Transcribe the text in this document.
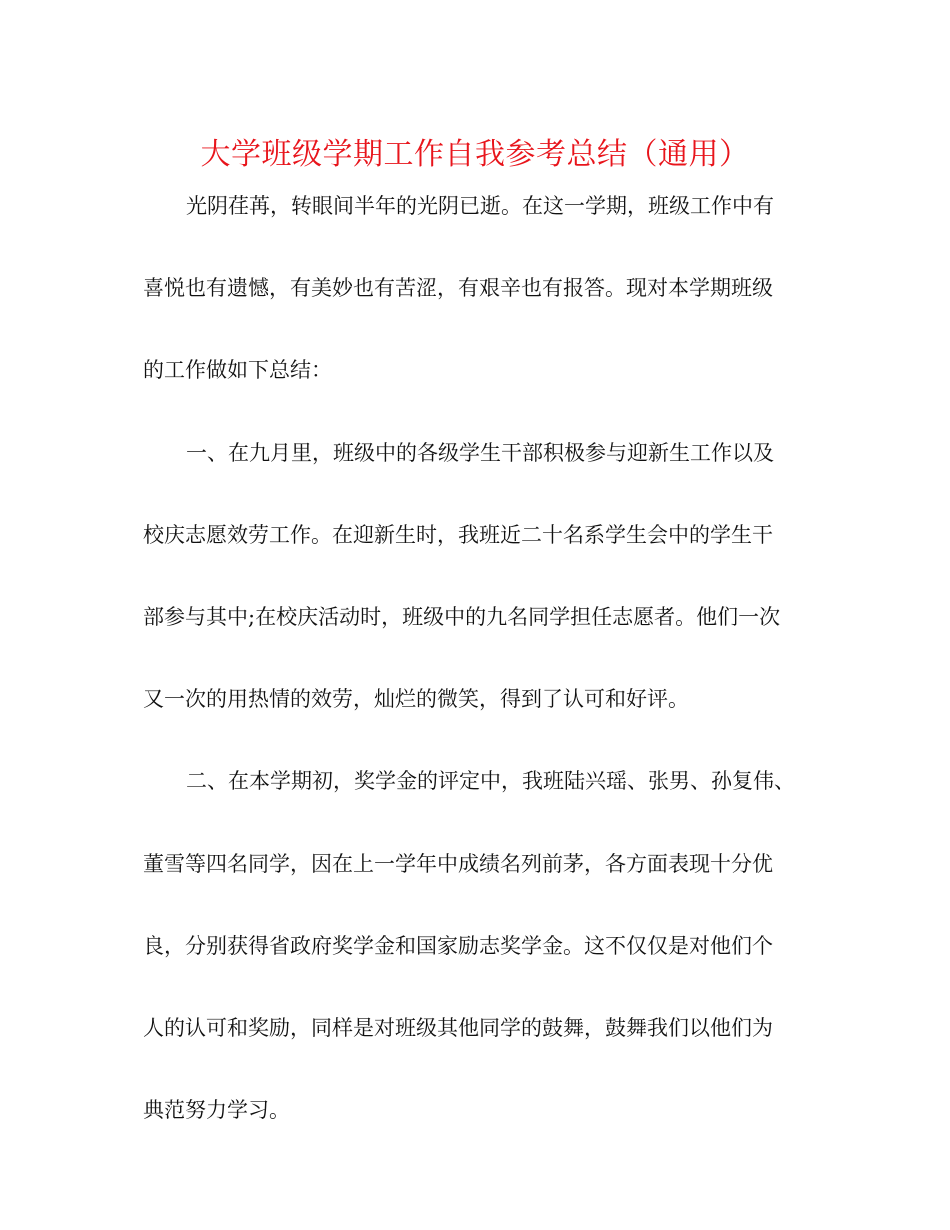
大学班级学期工作自我参考总结（通用）
光阴荏苒，转眼间半年的光阴已逝。在这一学期，班级工作中有
喜悦也有遗憾，有美妙也有苦涩，有艰辛也有报答。现对本学期班级
的工作做如下总结：
一、在九月里，班级中的各级学生干部积极参与迎新生工作以及
校庆志愿效劳工作。在迎新生时，我班近二十名系学生会中的学生干
部参与其中;在校庆活动时，班级中的九名同学担任志愿者。他们一次
又一次的用热情的效劳，灿烂的微笑，得到了认可和好评。
二、在本学期初，奖学金的评定中，我班陆兴瑶、张男、孙复伟、
董雪等四名同学，因在上一学年中成绩名列前茅，各方面表现十分优
良，分别获得省政府奖学金和国家励志奖学金。这不仅仅是对他们个
人的认可和奖励，同样是对班级其他同学的鼓舞，鼓舞我们以他们为
典范努力学习。
